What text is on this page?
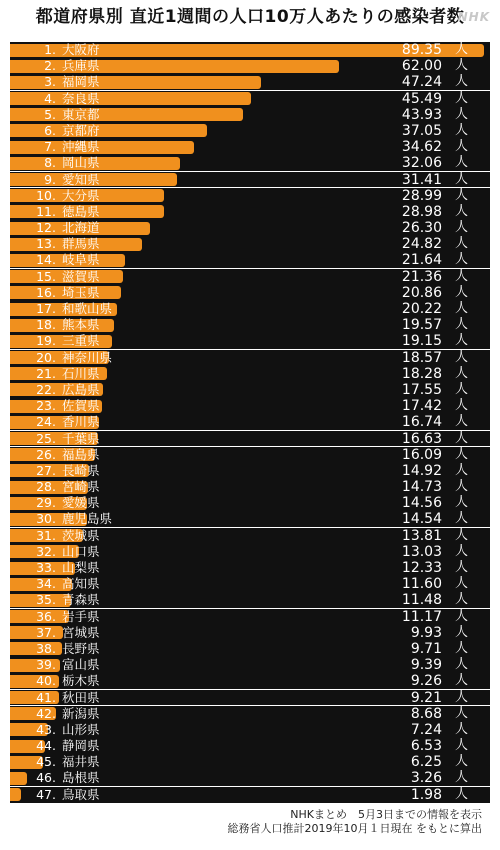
都道府県別 直近1週間の人口10万人あたりの感染者数
NHK
1. 大阪府	89.35 人
2. 兵庫県	62.00 人
3. 福岡県	47.24 人
4. 奈良県	45.49 人
5. 東京都	43.93 人
6. 京都府	37.05 人
7. 沖縄県	34.62 人
8. 岡山県	32.06 人
9. 愛知県	31.41 人
10. 大分県	28.99 人
11. 徳島県	28.98 人
12. 北海道	26.30 人
13. 群馬県	24.82 人
14. 岐阜県	21.64 人
15. 滋賀県	21.36 人
16. 埼玉県	20.86 人
17. 和歌山県	20.22 人
18. 熊本県	19.57 人
19. 三重県	19.15 人
20. 神奈川県	18.57 人
21. 石川県	18.28 人
22. 広島県	17.55 人
23. 佐賀県	17.42 人
24. 香川県	16.74 人
25. 千葉県	16.63 人
26. 福島県	16.09 人
27. 長崎県	14.92 人
28. 宮崎県	14.73 人
29. 愛媛県	14.56 人
30. 鹿児島県	14.54 人
31. 茨城県	13.81 人
32. 山口県	13.03 人
33. 山梨県	12.33 人
34. 高知県	11.60 人
35. 青森県	11.48 人
36. 岩手県	11.17 人
37. 宮城県	9.93 人
38. 長野県	9.71 人
39. 富山県	9.39 人
40. 栃木県	9.26 人
41. 秋田県	9.21 人
42. 新潟県	8.68 人
43. 山形県	7.24 人
44. 静岡県	6.53 人
45. 福井県	6.25 人
46. 島根県	3.26 人
47. 鳥取県	1.98 人
NHKまとめ　5月3日までの情報を表示
総務省人口推計2019年10月１日現在 をもとに算出
